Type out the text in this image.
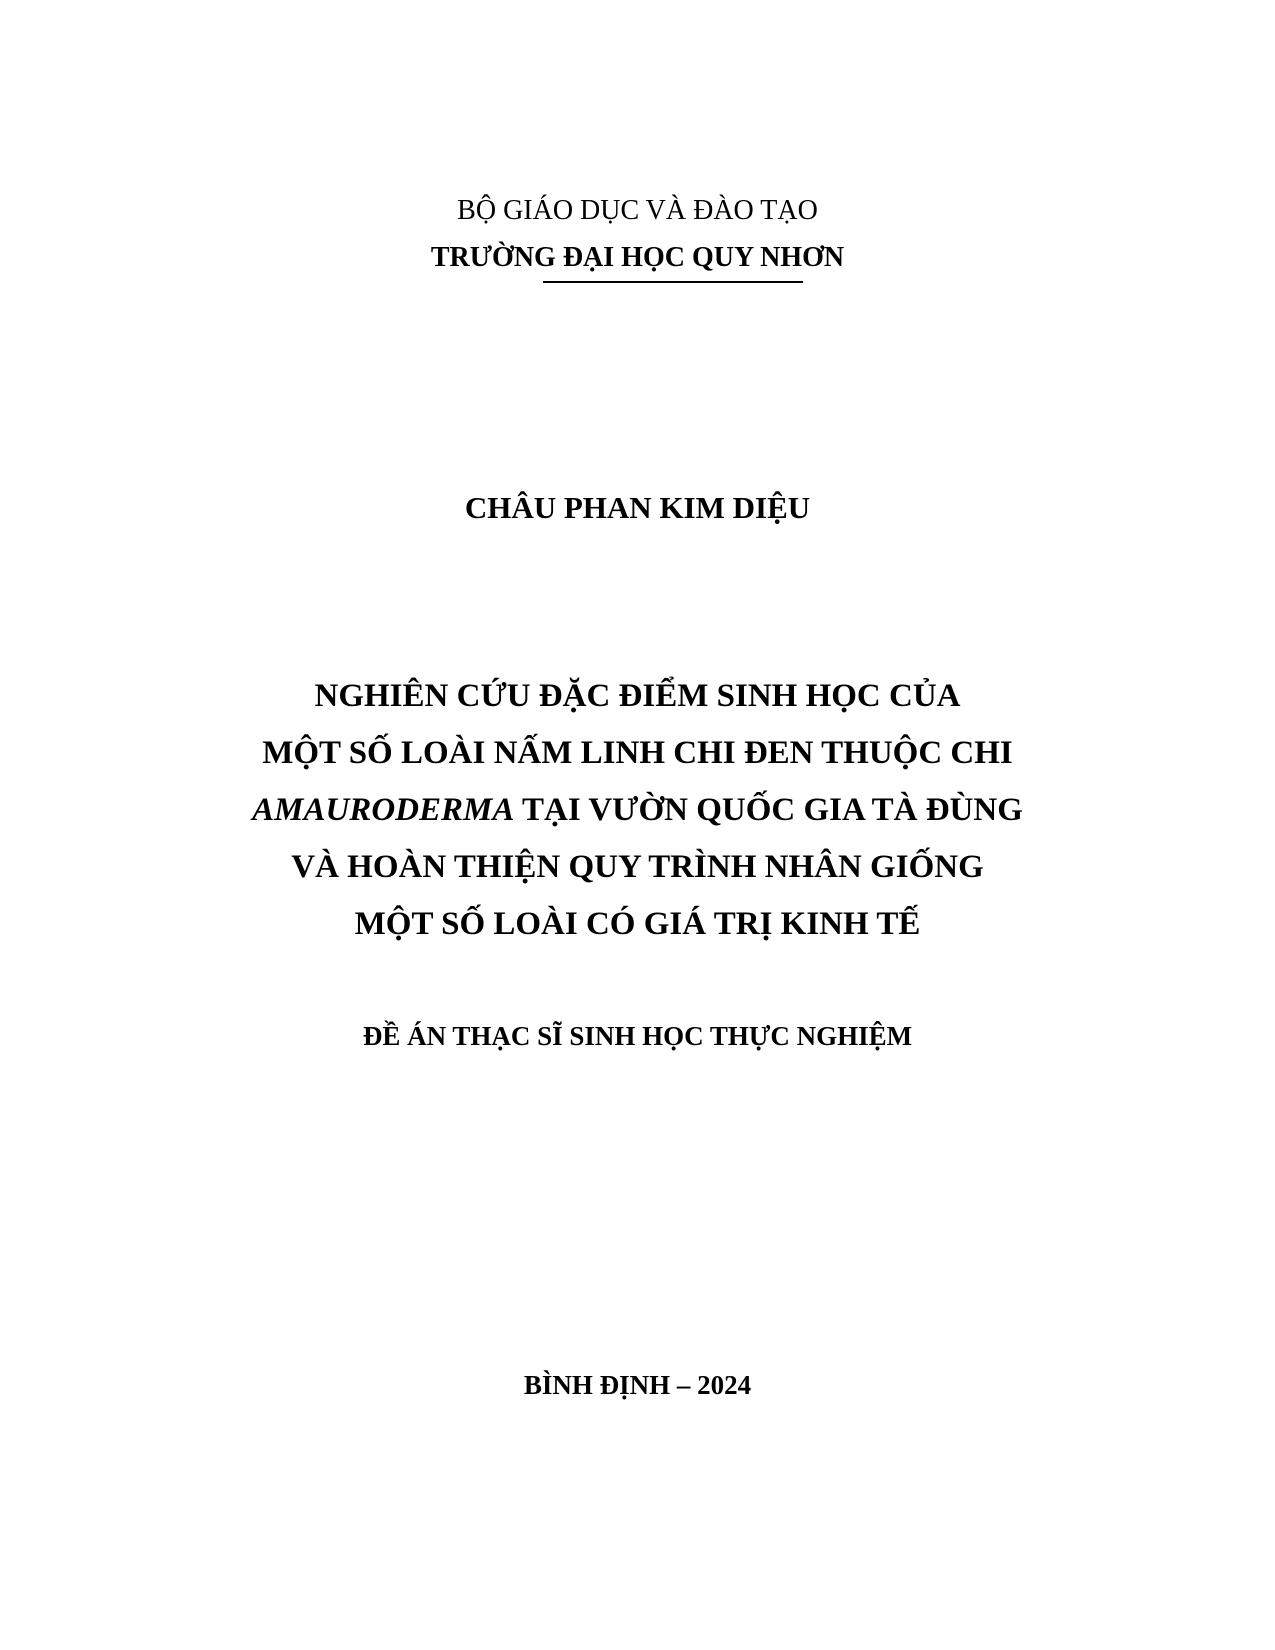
BỘ GIÁO DỤC VÀ ĐÀO TẠO
TRƯỜNG ĐẠI HỌC QUY NHƠN
CHÂU PHAN KIM DIỆU
NGHIÊN CỨU ĐẶC ĐIỂM SINH HỌC CỦA
MỘT SỐ LOÀI NẤM LINH CHI ĐEN THUỘC CHI
AMAURODERMA TẠI VƯỜN QUỐC GIA TÀ ĐÙNG
VÀ HOÀN THIỆN QUY TRÌNH NHÂN GIỐNG
MỘT SỐ LOÀI CÓ GIÁ TRỊ KINH TẾ
ĐỀ ÁN THẠC SĨ SINH HỌC THỰC NGHIỆM
BÌNH ĐỊNH – 2024
